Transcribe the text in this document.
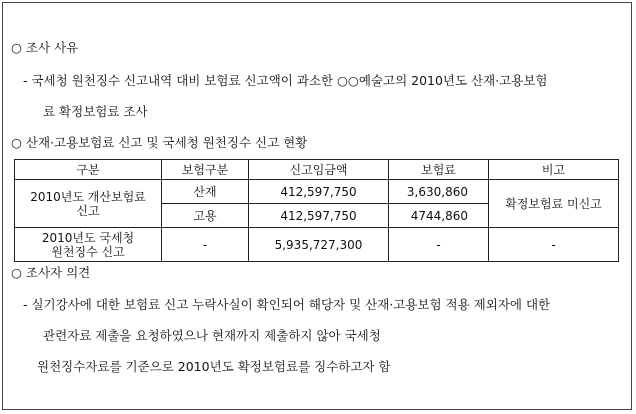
○ 조사 사유
- 국세청 원천징수 신고내역 대비 보험료 신고액이 과소한 ○○예술고의 2010년도 산재·고용보험
료 확정보험료 조사
○ 산재·고용보험료 신고 및 국세청 원천징수 신고 현황
구분	보험구분	신고임금액	보험료	비고

2010년도 개산보험료
신고	산재	412,597,750	3,630,860	확정보험료 미신고
	고용	412,597,750	4744,860	

2010년도 국세청
원천징수 신고	-	5,935,727,300	-	-
○ 조사자 의견
- 실기강사에 대한 보험료 신고 누락사실이 확인되어 해당자 및 산재·고용보험 적용 제외자에 대한
관련자료 제출을 요청하였으나 현재까지 제출하지 않아 국세청
원천징수자료를 기준으로 2010년도 확정보험료를 징수하고자 함
